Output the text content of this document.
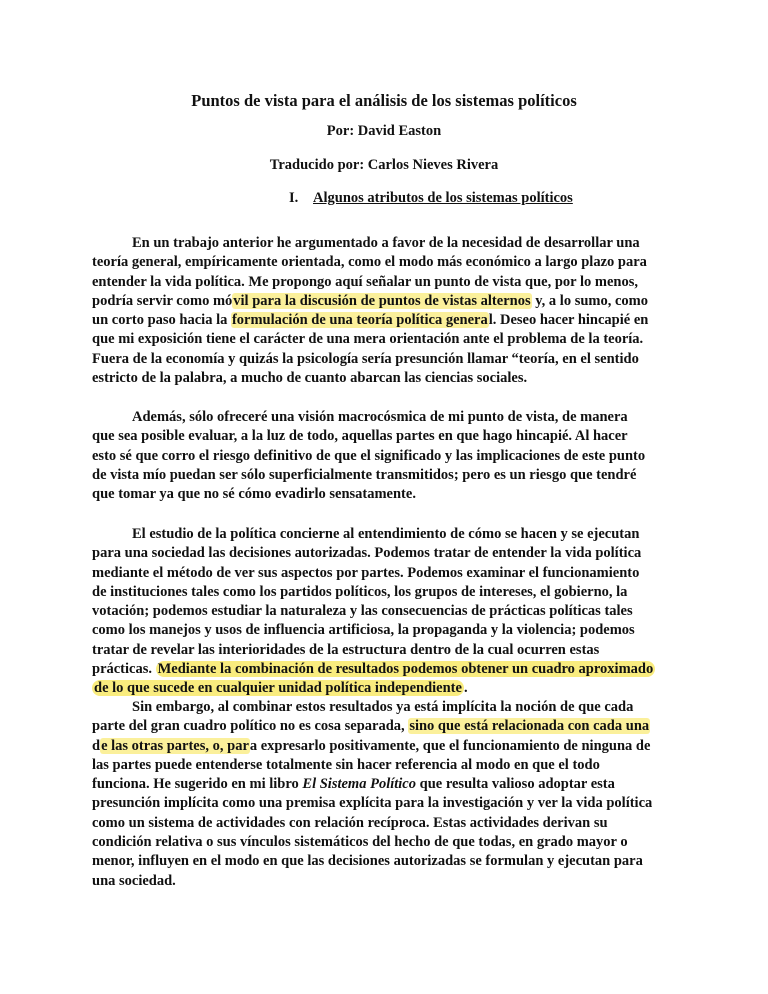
Puntos de vista para el análisis de los sistemas políticos
Por: David Easton
Traducido por: Carlos Nieves Rivera
I. Algunos atributos de los sistemas políticos
En un trabajo anterior he argumentado a favor de la necesidad de desarrollar una
teoría general, empíricamente orientada, como el modo más económico a largo plazo para
entender la vida política. Me propongo aquí señalar un punto de vista que, por lo menos,
podría servir como móvil para la discusión de puntos de vistas alternos y, a lo sumo, como
un corto paso hacia la formulación de una teoría política general. Deseo hacer hincapié en
que mi exposición tiene el carácter de una mera orientación ante el problema de la teoría.
Fuera de la economía y quizás la psicología sería presunción llamar “teoría, en el sentido
estricto de la palabra, a mucho de cuanto abarcan las ciencias sociales.
Además, sólo ofreceré una visión macrocósmica de mi punto de vista, de manera
que sea posible evaluar, a la luz de todo, aquellas partes en que hago hincapié. Al hacer
esto sé que corro el riesgo definitivo de que el significado y las implicaciones de este punto
de vista mío puedan ser sólo superficialmente transmitidos; pero es un riesgo que tendré
que tomar ya que no sé cómo evadirlo sensatamente.
El estudio de la política concierne al entendimiento de cómo se hacen y se ejecutan
para una sociedad las decisiones autorizadas. Podemos tratar de entender la vida política
mediante el método de ver sus aspectos por partes. Podemos examinar el funcionamiento
de instituciones tales como los partidos políticos, los grupos de intereses, el gobierno, la
votación; podemos estudiar la naturaleza y las consecuencias de prácticas políticas tales
como los manejos y usos de influencia artificiosa, la propaganda y la violencia; podemos
tratar de revelar las interioridades de la estructura dentro de la cual ocurren estas
prácticas. Mediante la combinación de resultados podemos obtener un cuadro aproximado
de lo que sucede en cualquier unidad política independiente .
Sin embargo, al combinar estos resultados ya está implícita la noción de que cada
parte del gran cuadro político no es cosa separada, sino que está relacionada con cada una
de las otras partes, o, para expresarlo positivamente, que el funcionamiento de ninguna de
las partes puede entenderse totalmente sin hacer referencia al modo en que el todo
funciona. He sugerido en mi libro El Sistema Político que resulta valioso adoptar esta
presunción implícita como una premisa explícita para la investigación y ver la vida política
como un sistema de actividades con relación recíproca. Estas actividades derivan su
condición relativa o sus vínculos sistemáticos del hecho de que todas, en grado mayor o
menor, influyen en el modo en que las decisiones autorizadas se formulan y ejecutan para
una sociedad.
